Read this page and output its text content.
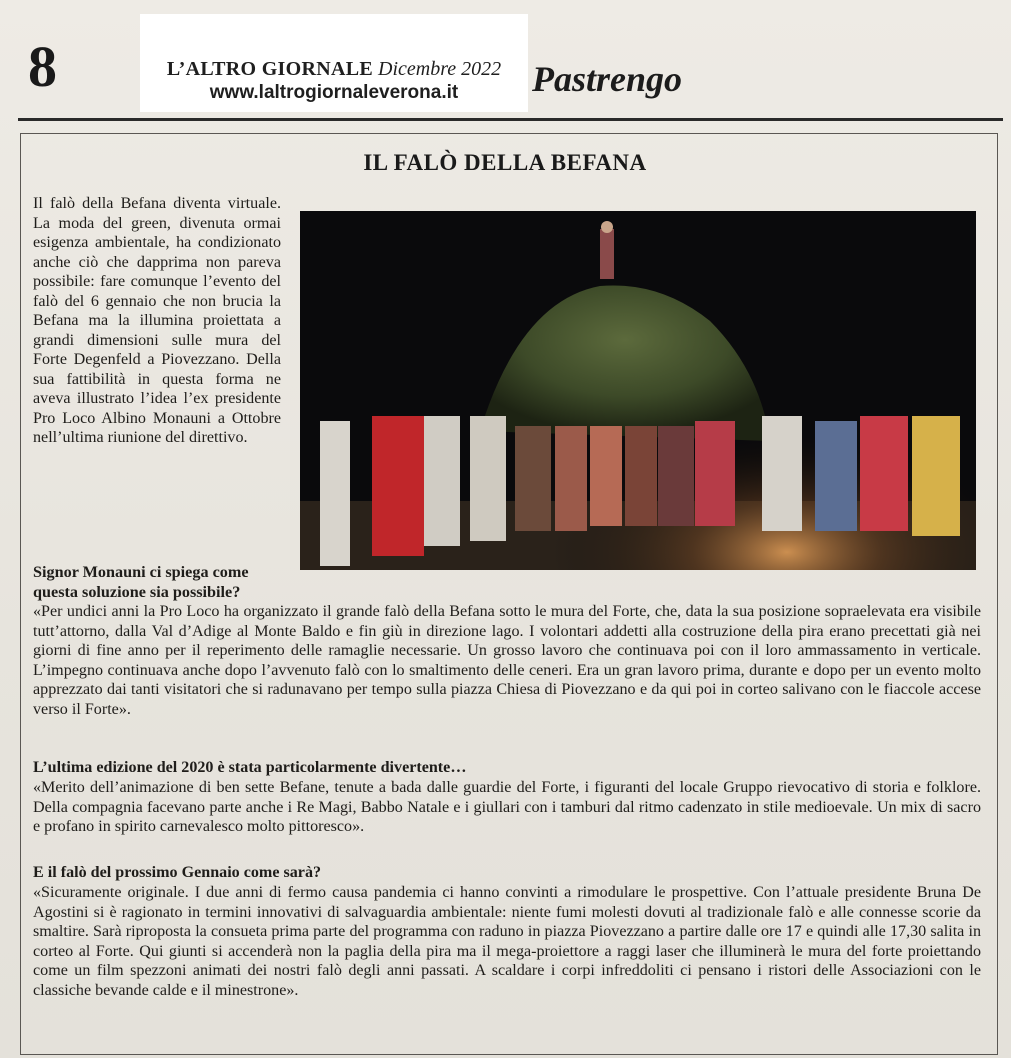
8	L’ALTRO GIORNALE Dicembre 2022
www.laltrogiornaleverona.it	Pastrengo
IL FALÒ DELLA BEFANA
Il falò della Befana diventa virtuale. La moda del green, divenuta ormai esigenza ambientale, ha condizionato anche ciò che dapprima non pareva possibile: fare comunque l’evento del falò del 6 gennaio che non brucia la Befana ma la illumina proiettata a grandi dimensioni sulle mura del Forte Degenfeld a Piovezzano. Della sua fattibilità in questa forma ne aveva illustrato l’idea l’ex presidente Pro Loco Albino Monauni a Ottobre nell’ultima riunione del direttivo.
Signor Monauni ci spiega come questa soluzione sia possibile?
«Per undici anni la Pro Loco ha organizzato il grande falò della Befana sotto le mura del Forte, che, data la sua posizione sopraelevata era visibile tutt’attorno, dalla Val d’Adige al Monte Baldo e fin giù in direzione lago. I volontari addetti alla costruzione della pira erano precettati già nei giorni di fine anno per il reperimento delle ramaglie necessarie. Un grosso lavoro che continuava poi con il loro ammassamento in verticale. L’impegno continuava anche dopo l’avvenuto falò con lo smaltimento delle ceneri. Era un gran lavoro prima, durante e dopo per un evento molto apprezzato dai tanti visitatori che si radunavano per tempo sulla piazza Chiesa di Piovezzano e da qui poi in corteo salivano con le fiaccole accese verso il Forte».
L’ultima edizione del 2020 è stata particolarmente divertente…
«Merito dell’animazione di ben sette Befane, tenute a bada dalle guardie del Forte, i figuranti del locale Gruppo rievocativo di storia e folklore. Della compagnia facevano parte anche i Re Magi, Babbo Natale e i giullari con i tamburi dal ritmo cadenzato in stile medioevale. Un mix di sacro e profano in spirito carnevalesco molto pittoresco».
E il falò del prossimo Gennaio come sarà?
«Sicuramente originale. I due anni di fermo causa pandemia ci hanno convinti a rimodulare le prospettive. Con l’attuale presidente Bruna De Agostini si è ragionato in termini innovativi di salvaguardia ambientale: niente fumi molesti dovuti al tradizionale falò e alle connesse scorie da smaltire. Sarà riproposta la consueta prima parte del programma con raduno in piazza Piovezzano a partire dalle ore 17 e quindi alle 17,30 salita in corteo al Forte. Qui giunti si accenderà non la paglia della pira ma il mega-proiettore a raggi laser che illuminerà le mura del forte proiettando come un film spezzoni animati dei nostri falò degli anni passati. A scaldare i corpi infreddoliti ci pensano i ristori delle Associazioni con le classiche bevande calde e il minestrone».
